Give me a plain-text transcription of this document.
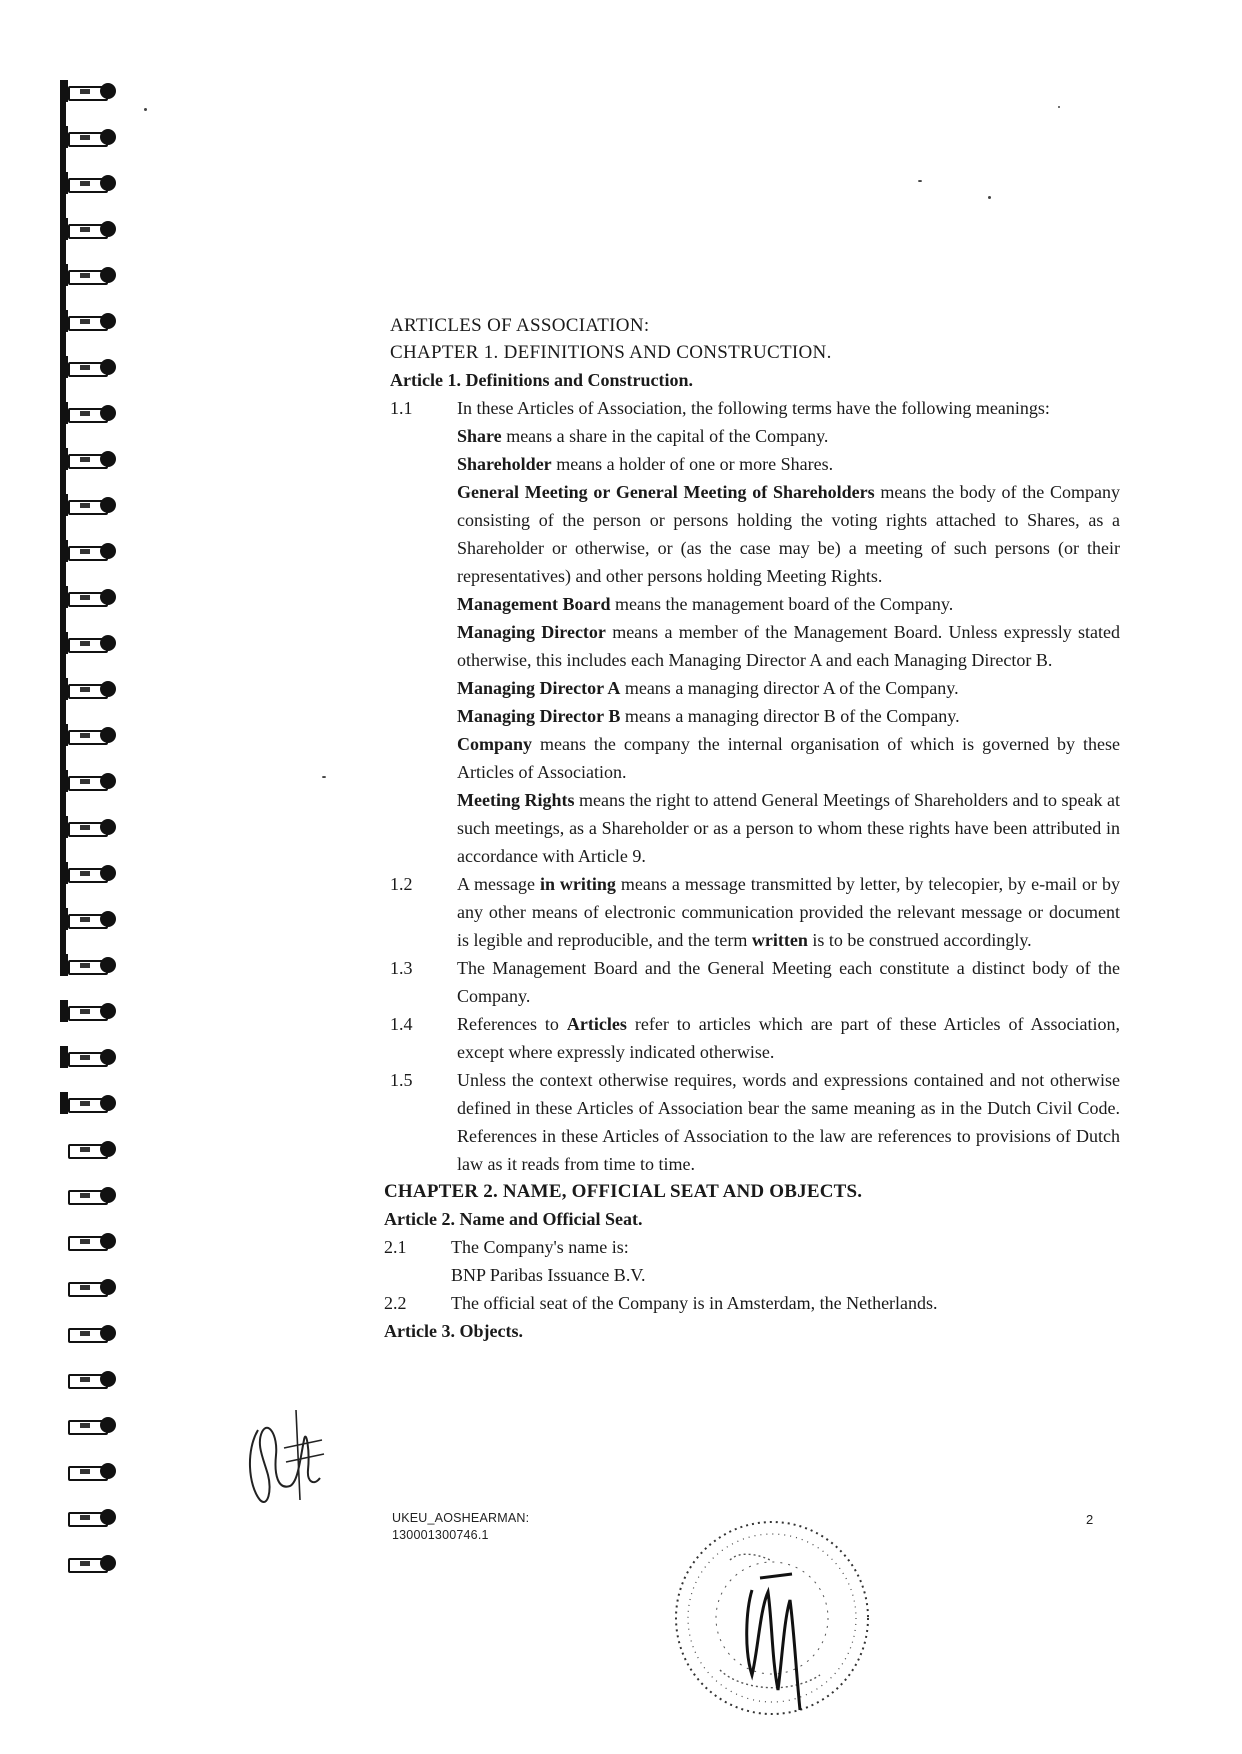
ARTICLES OF ASSOCIATION:

CHAPTER 1. DEFINITIONS AND CONSTRUCTION.

Article 1. Definitions and Construction.

1.1 In these Articles of Association, the following terms have the following meanings:

Share means a share in the capital of the Company.

Shareholder means a holder of one or more Shares.

General Meeting or General Meeting of Shareholders means the body of the Company consisting of the person or persons holding the voting rights attached to Shares, as a Shareholder or otherwise, or (as the case may be) a meeting of such persons (or their representatives) and other persons holding Meeting Rights.

Management Board means the management board of the Company.

Managing Director means a member of the Management Board. Unless expressly stated otherwise, this includes each Managing Director A and each Managing Director B.

Managing Director A means a managing director A of the Company.

Managing Director B means a managing director B of the Company.

Company means the company the internal organisation of which is governed by these Articles of Association.

Meeting Rights means the right to attend General Meetings of Shareholders and to speak at such meetings, as a Shareholder or as a person to whom these rights have been attributed in accordance with Article 9.

1.2 A message in writing means a message transmitted by letter, by telecopier, by e-mail or by any other means of electronic communication provided the relevant message or document is legible and reproducible, and the term written is to be construed accordingly.

1.3 The Management Board and the General Meeting each constitute a distinct body of the Company.

1.4 References to Articles refer to articles which are part of these Articles of Association, except where expressly indicated otherwise.

1.5 Unless the context otherwise requires, words and expressions contained and not otherwise defined in these Articles of Association bear the same meaning as in the Dutch Civil Code. References in these Articles of Association to the law are references to provisions of Dutch law as it reads from time to time.

CHAPTER 2. NAME, OFFICIAL SEAT AND OBJECTS.

Article 2. Name and Official Seat.

2.1 The Company's name is:

BNP Paribas Issuance B.V.

2.2 The official seat of the Company is in Amsterdam, the Netherlands.

Article 3. Objects.

UKEU_AOSHEARMAN:
130001300746.1
2
